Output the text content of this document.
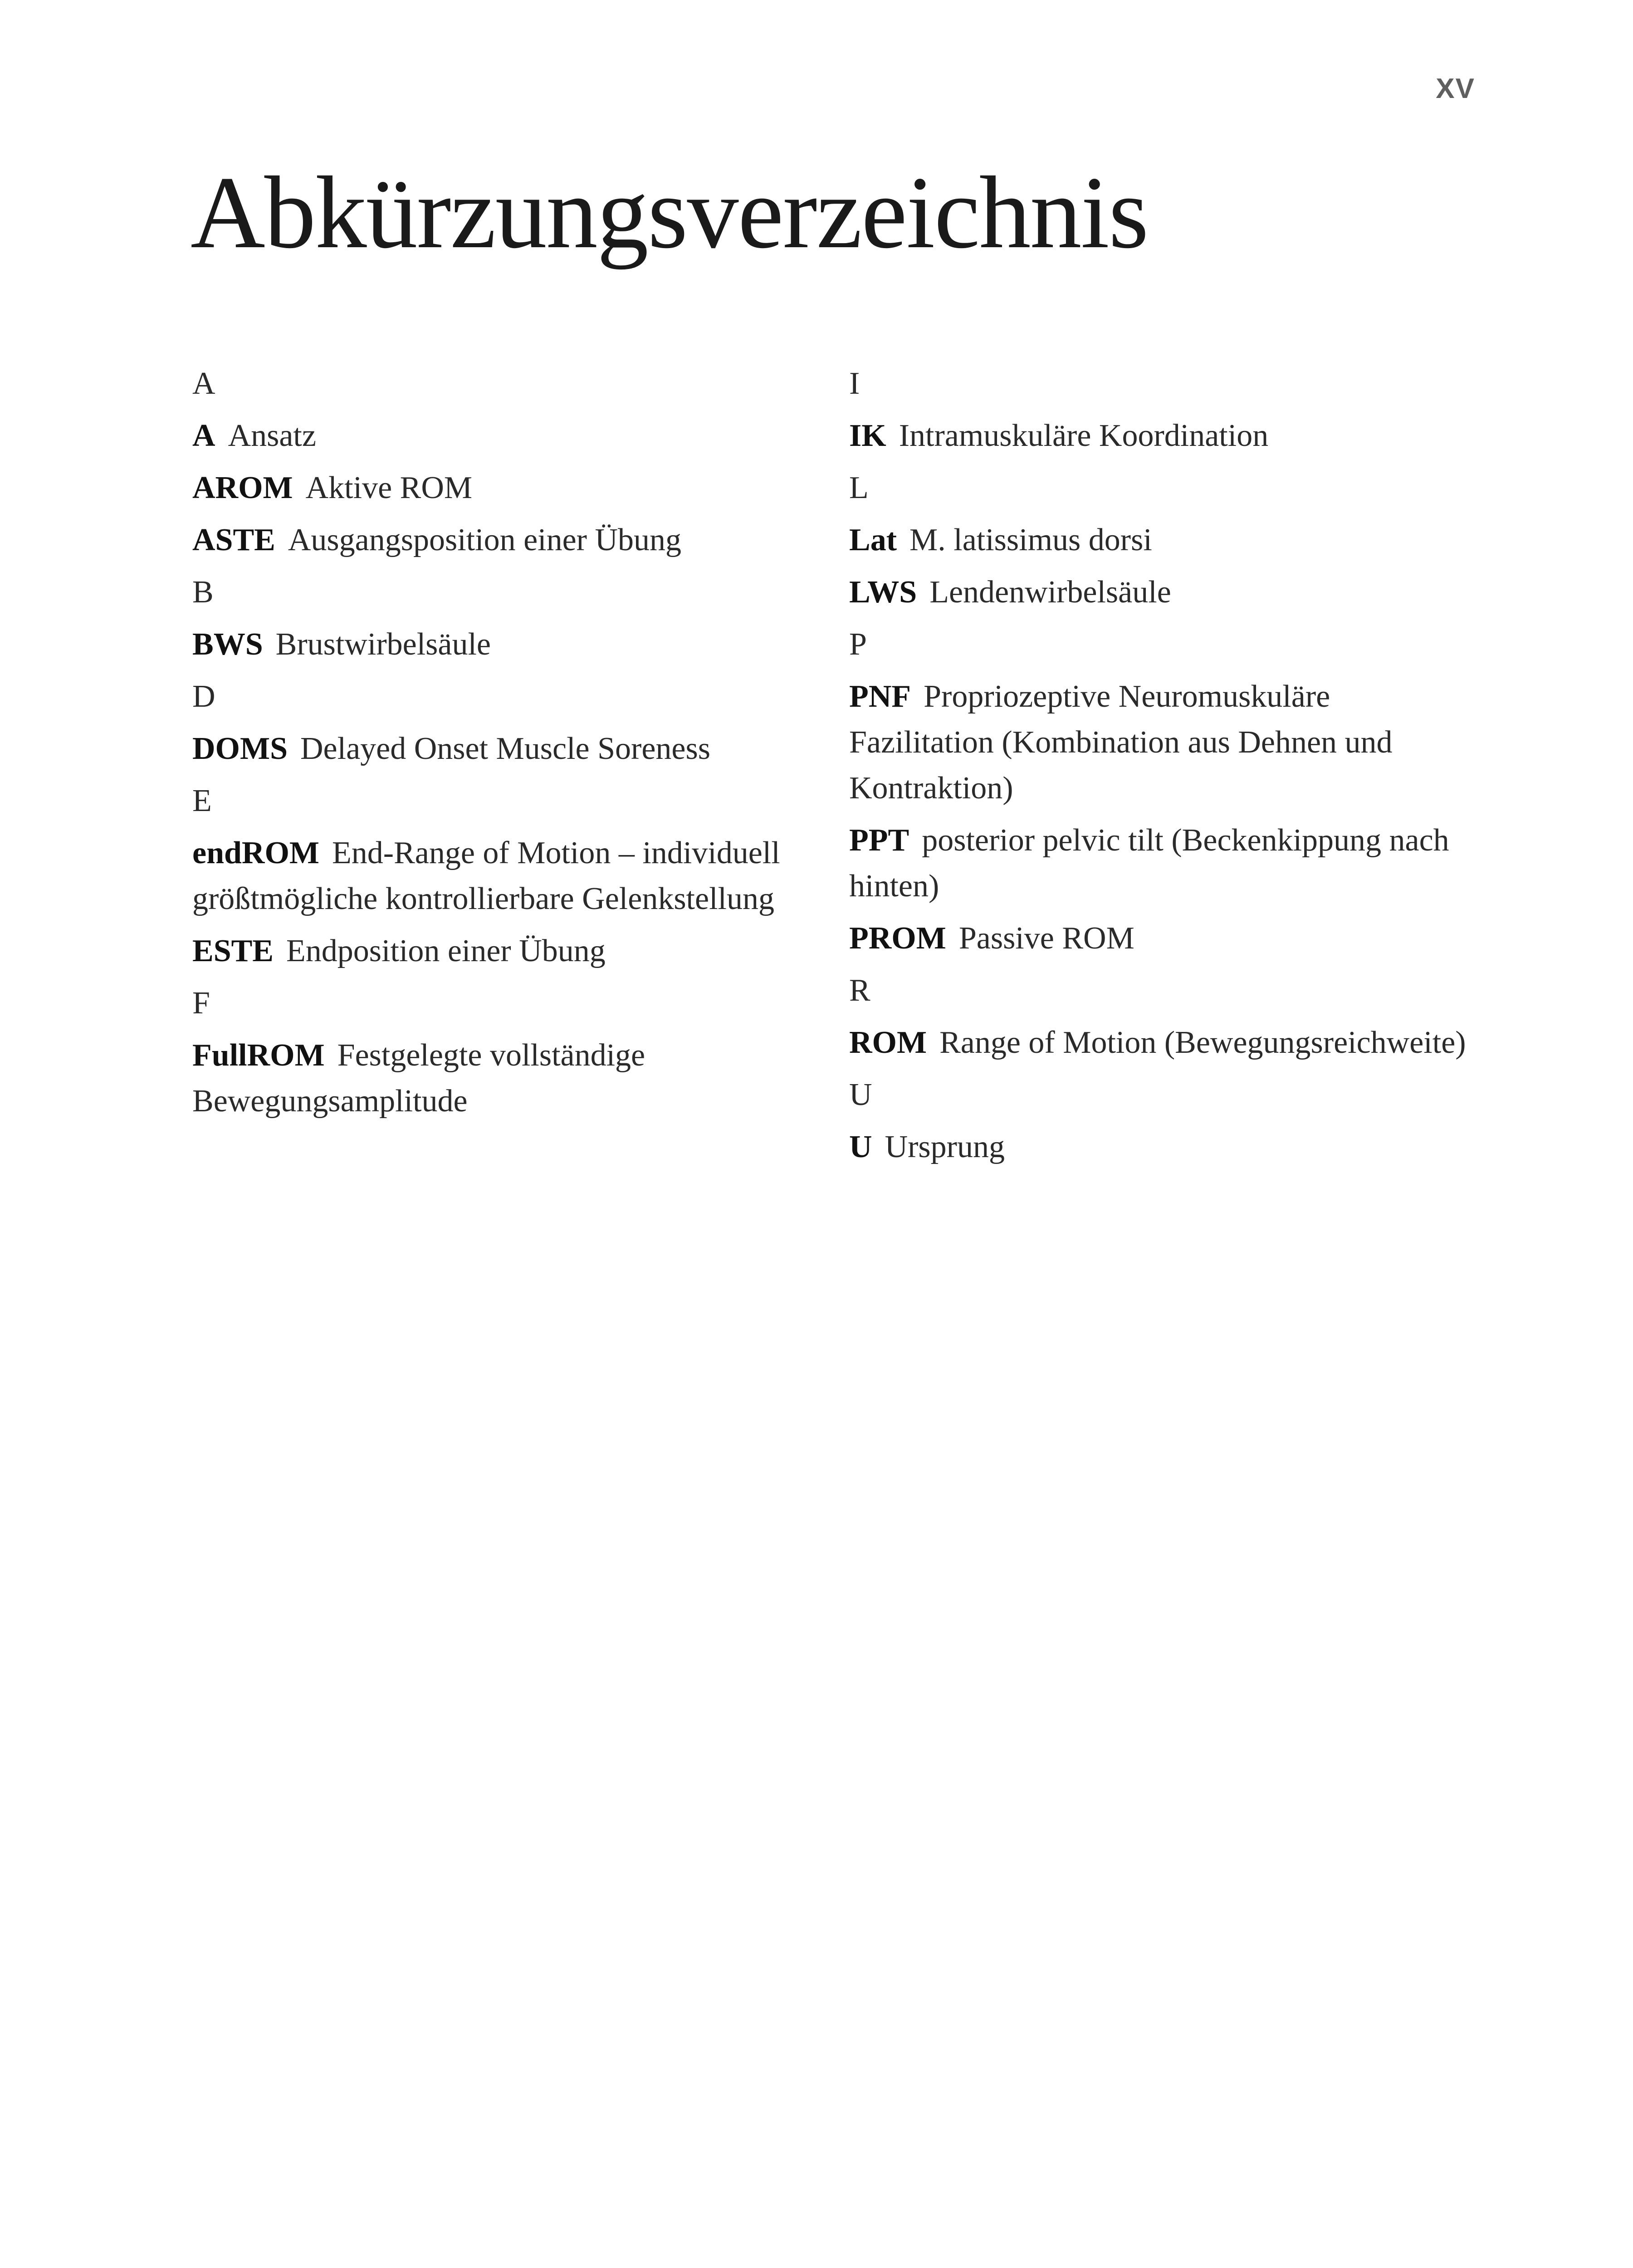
XV
Abkürzungsverzeichnis
A
A Ansatz
AROM Aktive ROM
ASTE Ausgangsposition einer Übung
B
BWS Brustwirbelsäule
D
DOMS Delayed Onset Muscle Soreness
E
endROM End-Range of Motion – individuell größtmögliche kontrollierbare Gelenkstellung
ESTE Endposition einer Übung
F
FullROM Festgelegte vollständige Bewegungsamplitude
I
IK Intramuskuläre Koordination
L
Lat M. latissimus dorsi
LWS Lendenwirbelsäule
P
PNF Propriozeptive Neuromuskuläre Fazilitation (Kombination aus Dehnen und Kontraktion)
PPT posterior pelvic tilt (Beckenkippung nach hinten)
PROM Passive ROM
R
ROM Range of Motion (Bewegungsreichweite)
U
U Ursprung
